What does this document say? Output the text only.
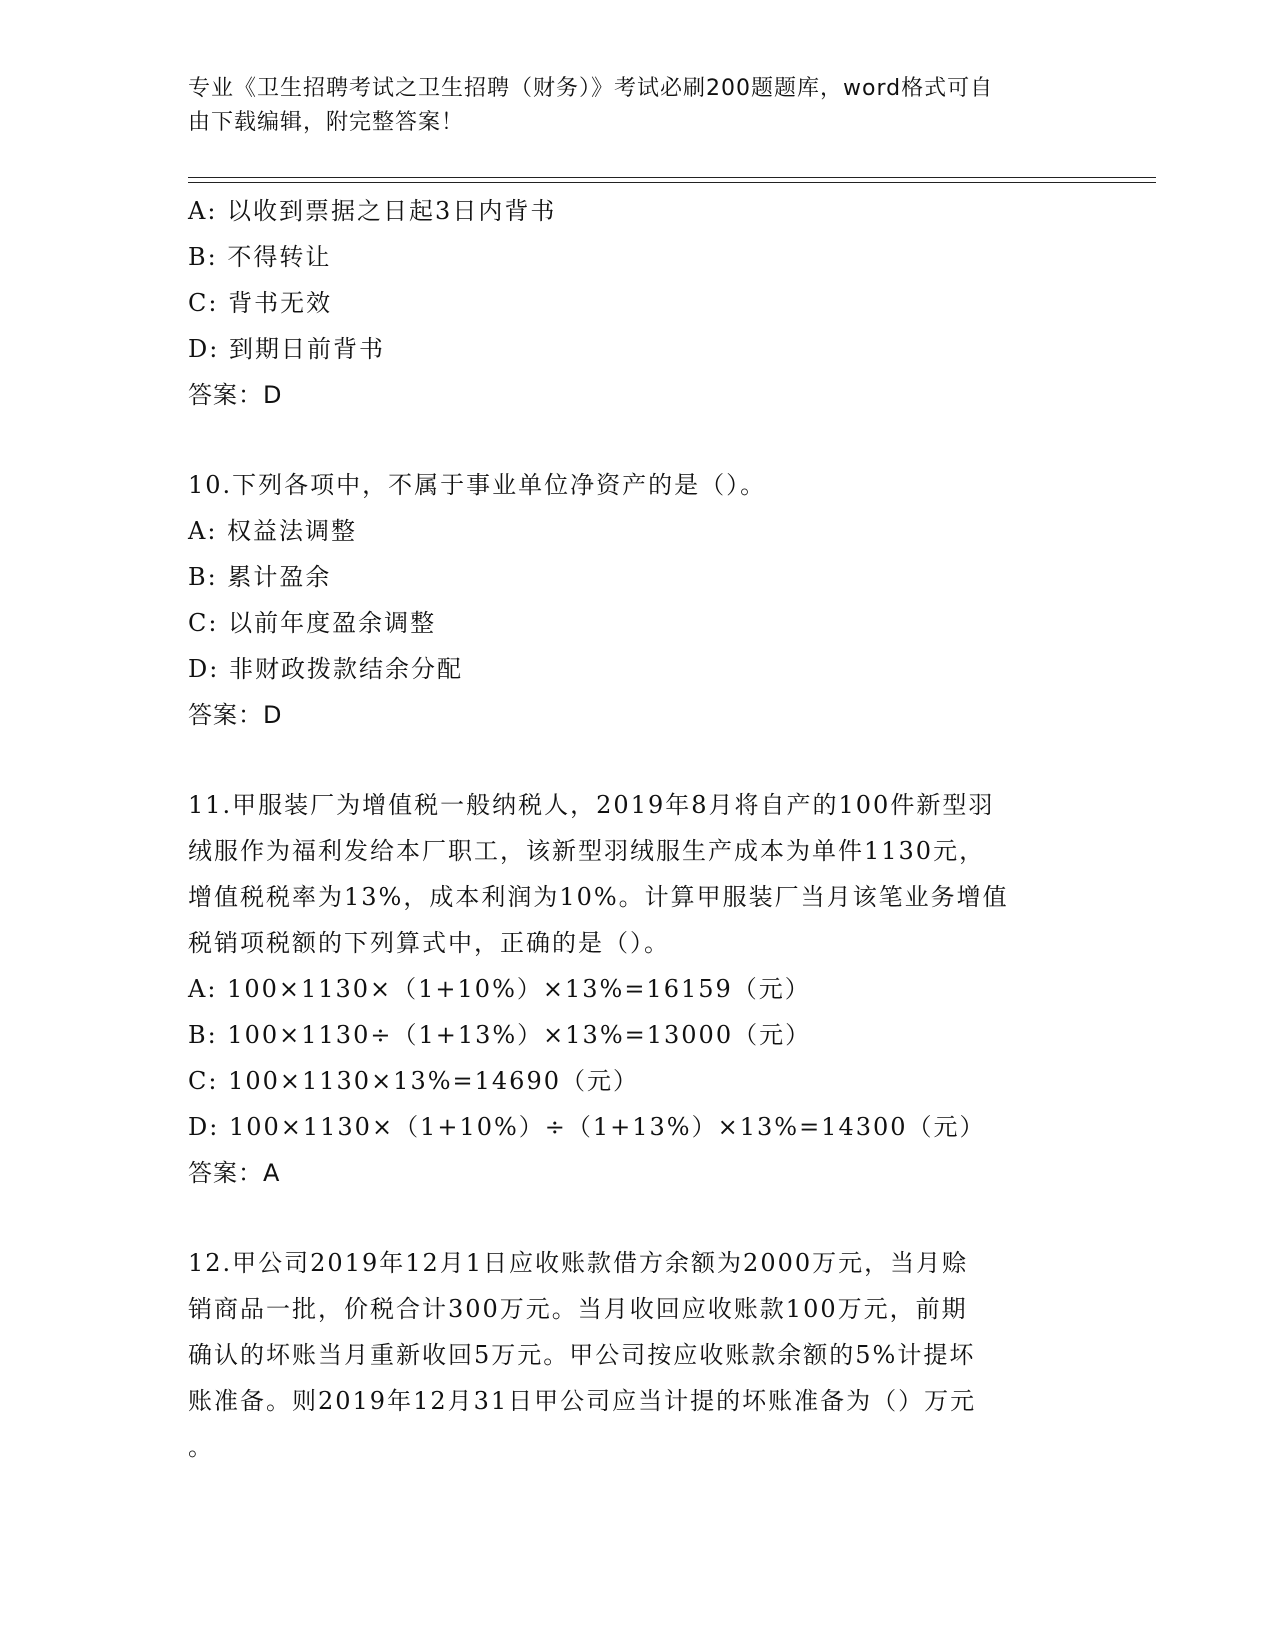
专业《卫生招聘考试之卫生招聘（财务）》考试必刷200题题库，word格式可自
由下载编辑，附完整答案！
A: 以收到票据之日起3日内背书
B: 不得转让
C: 背书无效
D: 到期日前背书
答案：D
10.下列各项中，不属于事业单位净资产的是（）。
A: 权益法调整
B: 累计盈余
C: 以前年度盈余调整
D: 非财政拨款结余分配
答案：D
11.甲服装厂为增值税一般纳税人，2019年8月将自产的100件新型羽
绒服作为福利发给本厂职工，该新型羽绒服生产成本为单件1130元，
增值税税率为13%，成本利润为10%。计算甲服装厂当月该笔业务增值
税销项税额的下列算式中，正确的是（）。
A: 100×1130×（1+10%）×13%=16159（元）
B: 100×1130÷（1+13%）×13%=13000（元）
C: 100×1130×13%=14690（元）
D: 100×1130×（1+10%）÷（1+13%）×13%=14300（元）
答案：A
12.甲公司2019年12月1日应收账款借方余额为2000万元，当月赊
销商品一批，价税合计300万元。当月收回应收账款100万元，前期
确认的坏账当月重新收回5万元。甲公司按应收账款余额的5%计提坏
账准备。则2019年12月31日甲公司应当计提的坏账准备为（）万元
。
